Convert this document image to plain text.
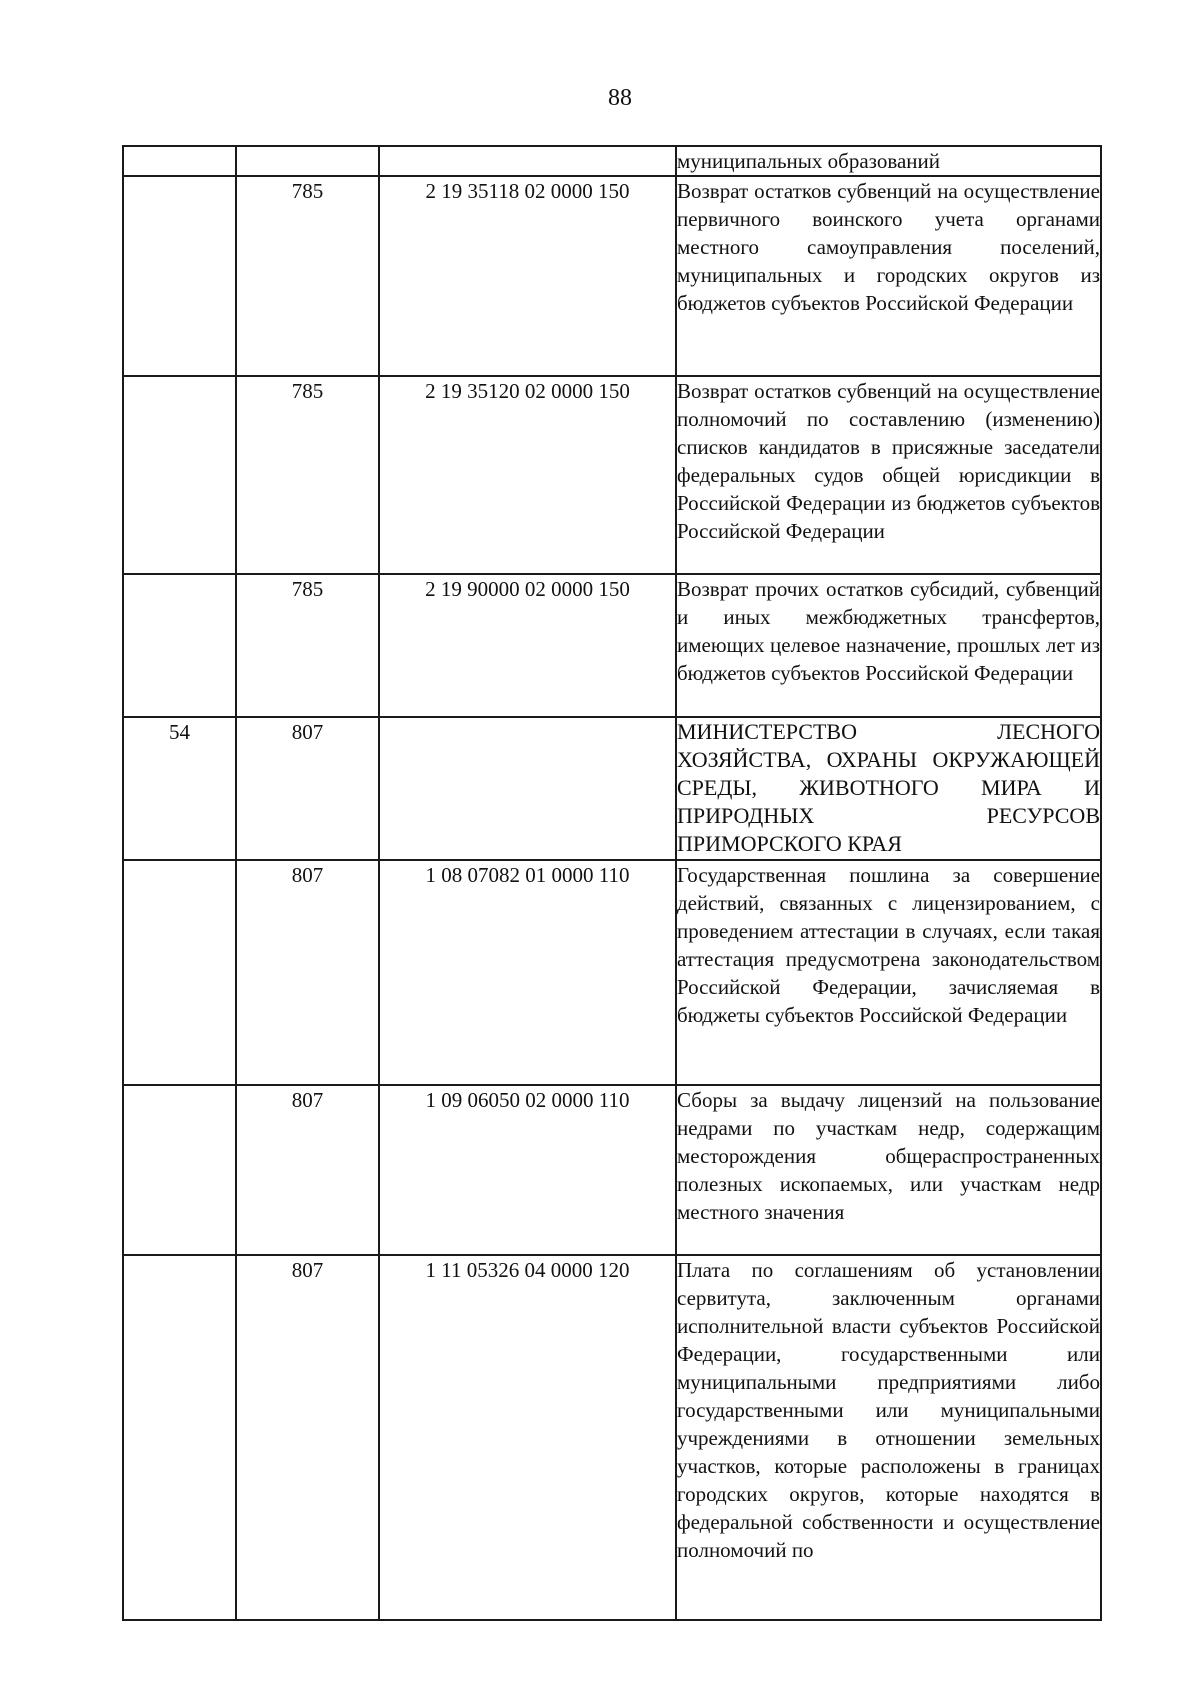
88
			муниципальных образований
	785	2 19 35118 02 0000 150	Возврат остатков субвенций на осуществление первичного воинского учета органами местного самоуправления поселений, муниципальных и городских округов из бюджетов субъектов Российской Федерации
	785	2 19 35120 02 0000 150	Возврат остатков субвенций на осуществление полномочий по составлению (изменению) списков кандидатов в присяжные заседатели федеральных судов общей юрисдикции в Российской Федерации из бюджетов субъектов Российской Федерации
	785	2 19 90000 02 0000 150	Возврат прочих остатков субсидий, субвенций и иных межбюджетных трансфертов, имеющих целевое назначение, прошлых лет из бюджетов субъектов Российской Федерации
54	807		МИНИСТЕРСТВО ЛЕСНОГО ХОЗЯЙСТВА, ОХРАНЫ ОКРУЖАЮЩЕЙ СРЕДЫ, ЖИВОТНОГО МИРА И ПРИРОДНЫХ РЕСУРСОВ ПРИМОРСКОГО КРАЯ
	807	1 08 07082 01 0000 110	Государственная пошлина за совершение действий, связанных с лицензированием, с проведением аттестации в случаях, если такая аттестация предусмотрена законодательством Российской Федерации, зачисляемая в бюджеты субъектов Российской Федерации
	807	1 09 06050 02 0000 110	Сборы за выдачу лицензий на пользование недрами по участкам недр, содержащим месторождения общераспространенных полезных ископаемых, или участкам недр местного значения
	807	1 11 05326 04 0000 120	Плата по соглашениям об установлении сервитута, заключенным органами исполнительной власти субъектов Российской Федерации, государственными или муниципальными предприятиями либо государственными или муниципальными учреждениями в отношении земельных участков, которые расположены в границах городских округов, которые находятся в федеральной собственности и осуществление полномочий по
